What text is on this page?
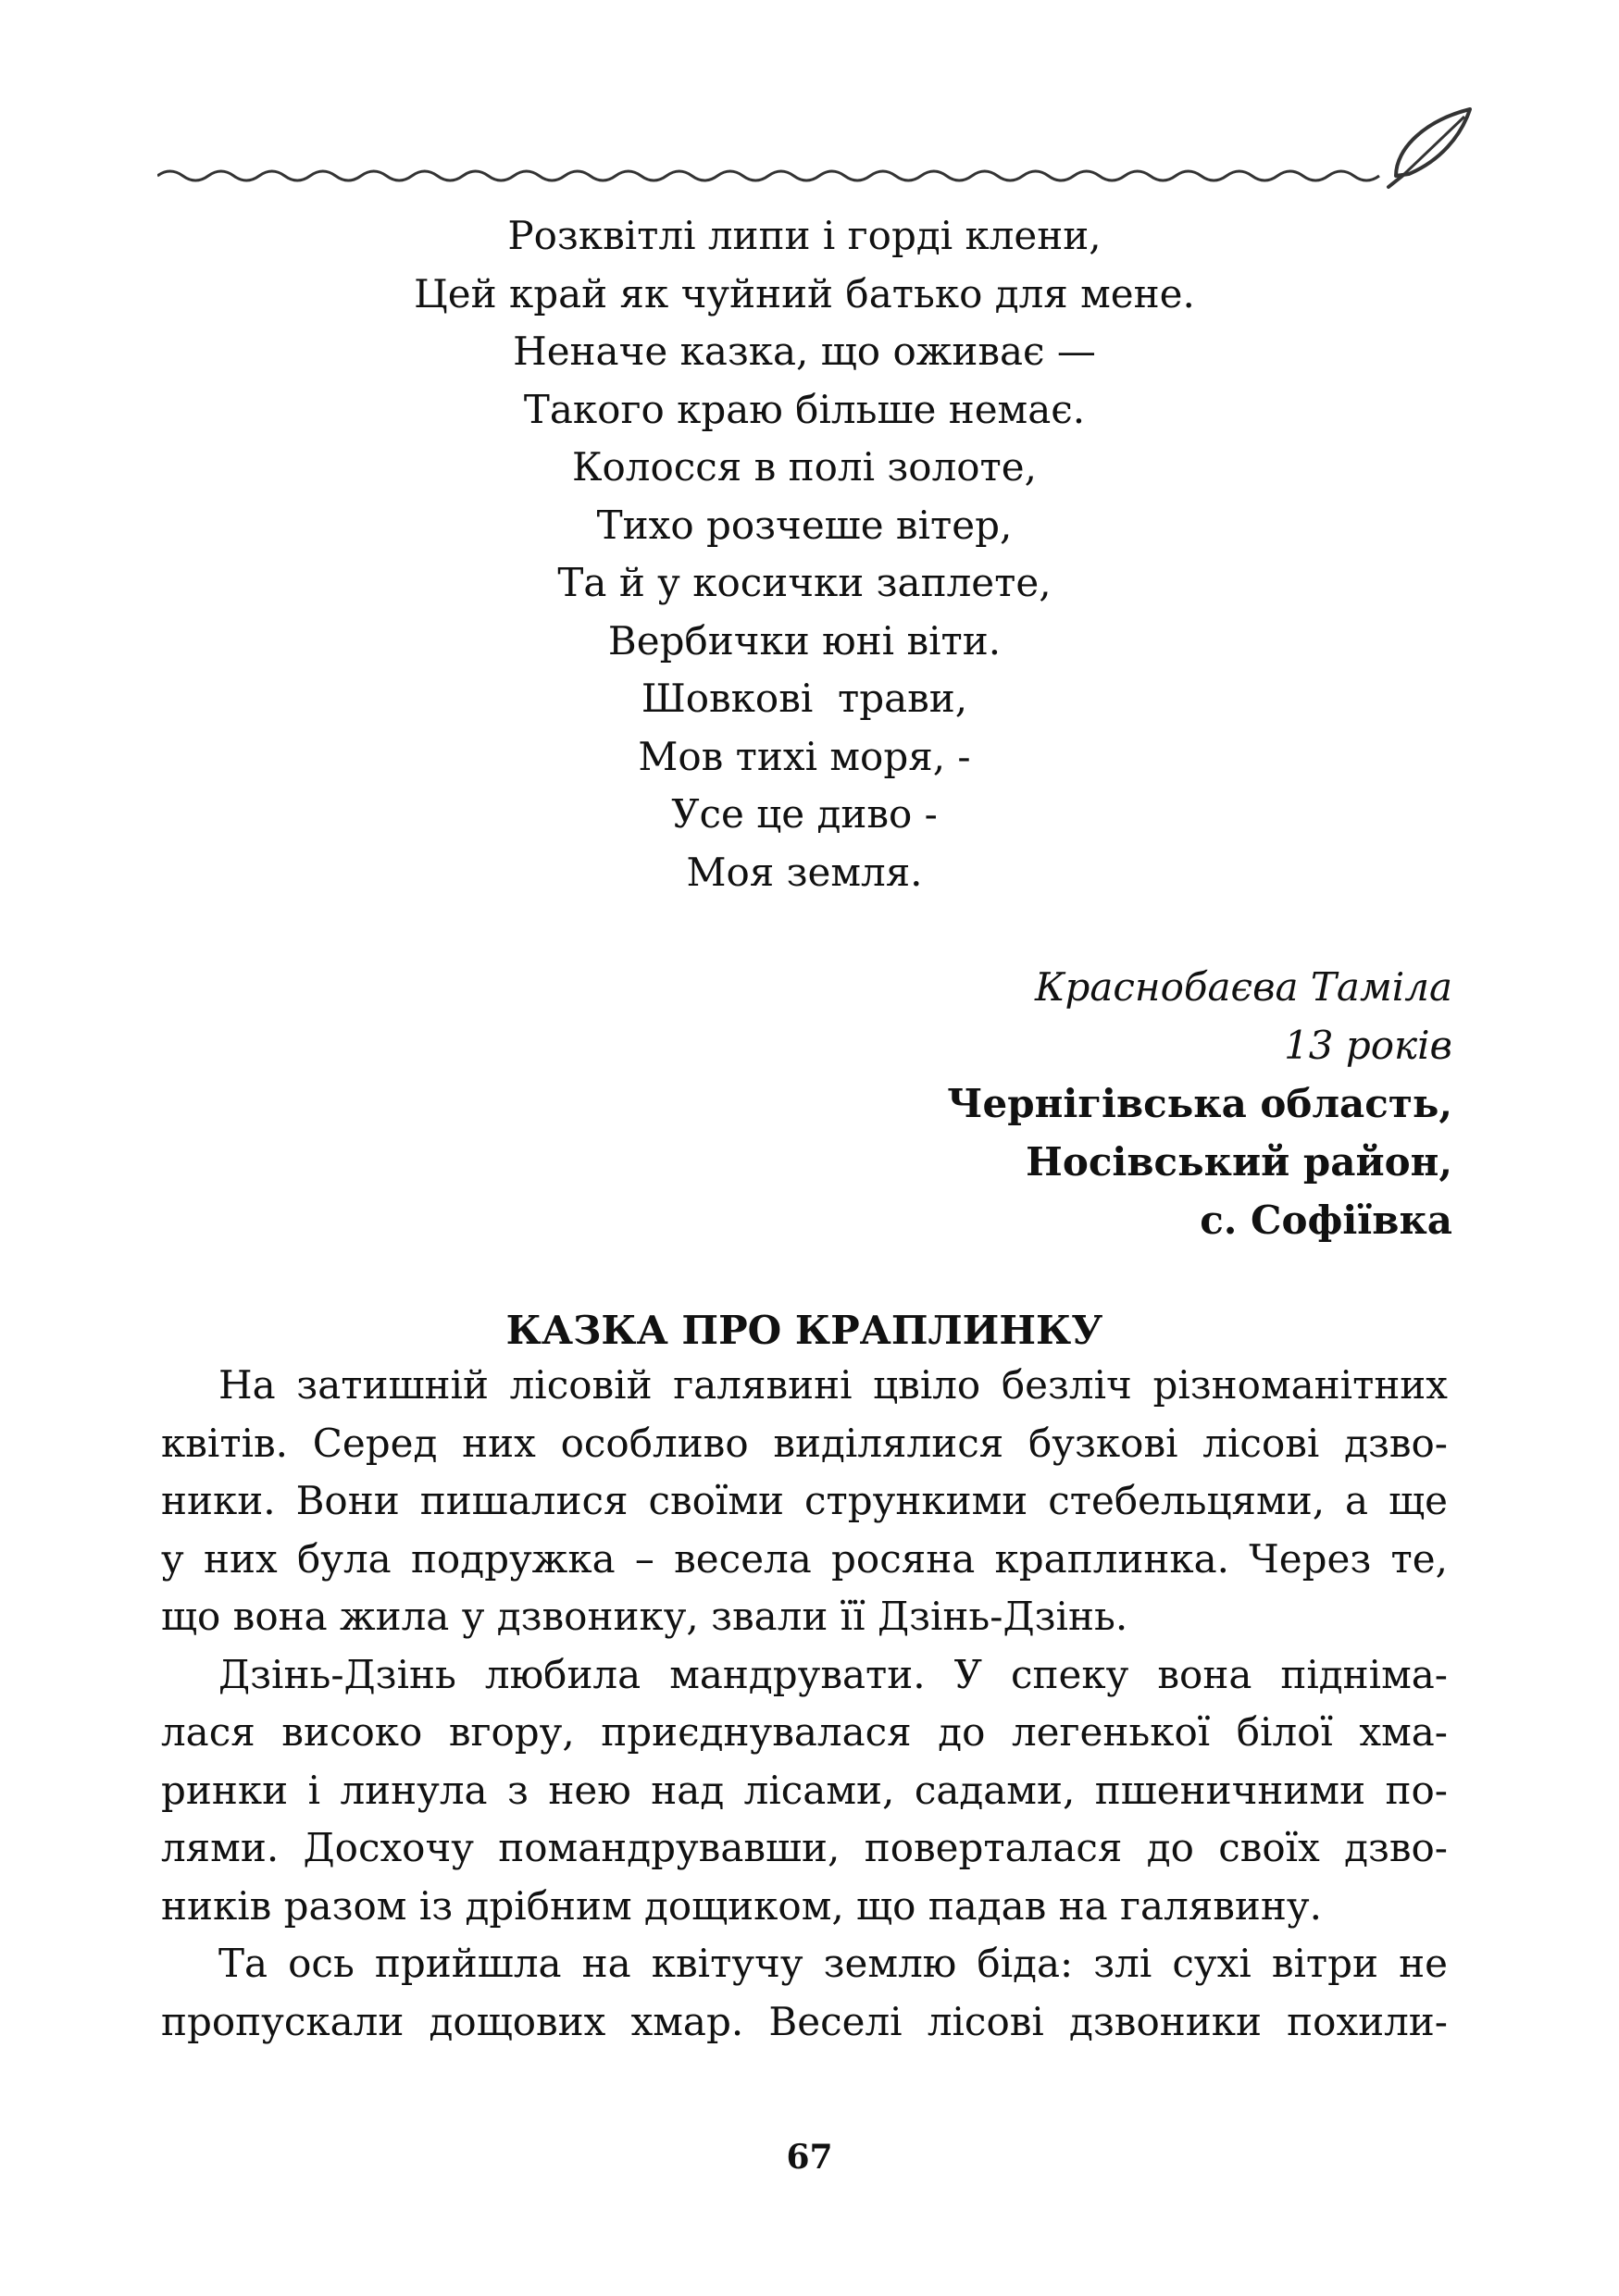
Розквітлі липи і горді клени,
Цей край як чуйний батько для мене.
Неначе казка, що оживає —
Такого краю більше немає.
Колосся в полі золоте,
Тихо розчеше вітер,
Та й у косички заплете,
Вербички юні віти.
Шовкові  трави,
Мов тихі моря, -
Усе це диво -
Моя земля.
Краснобаєва Таміла
13 років
Чернігівська область,
Носівський район,
с. Софіївка
КАЗКА ПРО КРАПЛИНКУ

На затишній лісовій галявині цвіло безліч різноманітних
квітів. Серед них особливо виділялися бузкові лісові дзво-
ники. Вони пишалися своїми стрункими стебельцями, а ще
у них була подружка – весела росяна краплинка. Через те,
що вона жила у дзвонику, звали її Дзінь-Дзінь.

Дзінь-Дзінь любила мандрувати. У спеку вона підніма-
лася високо вгору, приєднувалася до легенької білої хма-
ринки і линула з нею над лісами, садами, пшеничними по-
лями. Досхочу помандрувавши, поверталася до своїх дзво-
ників разом із дрібним дощиком, що падав на галявину.

Та ось прийшла на квітучу землю біда: злі сухі вітри не
пропускали дощових хмар. Веселі лісові дзвоники похили-

67
